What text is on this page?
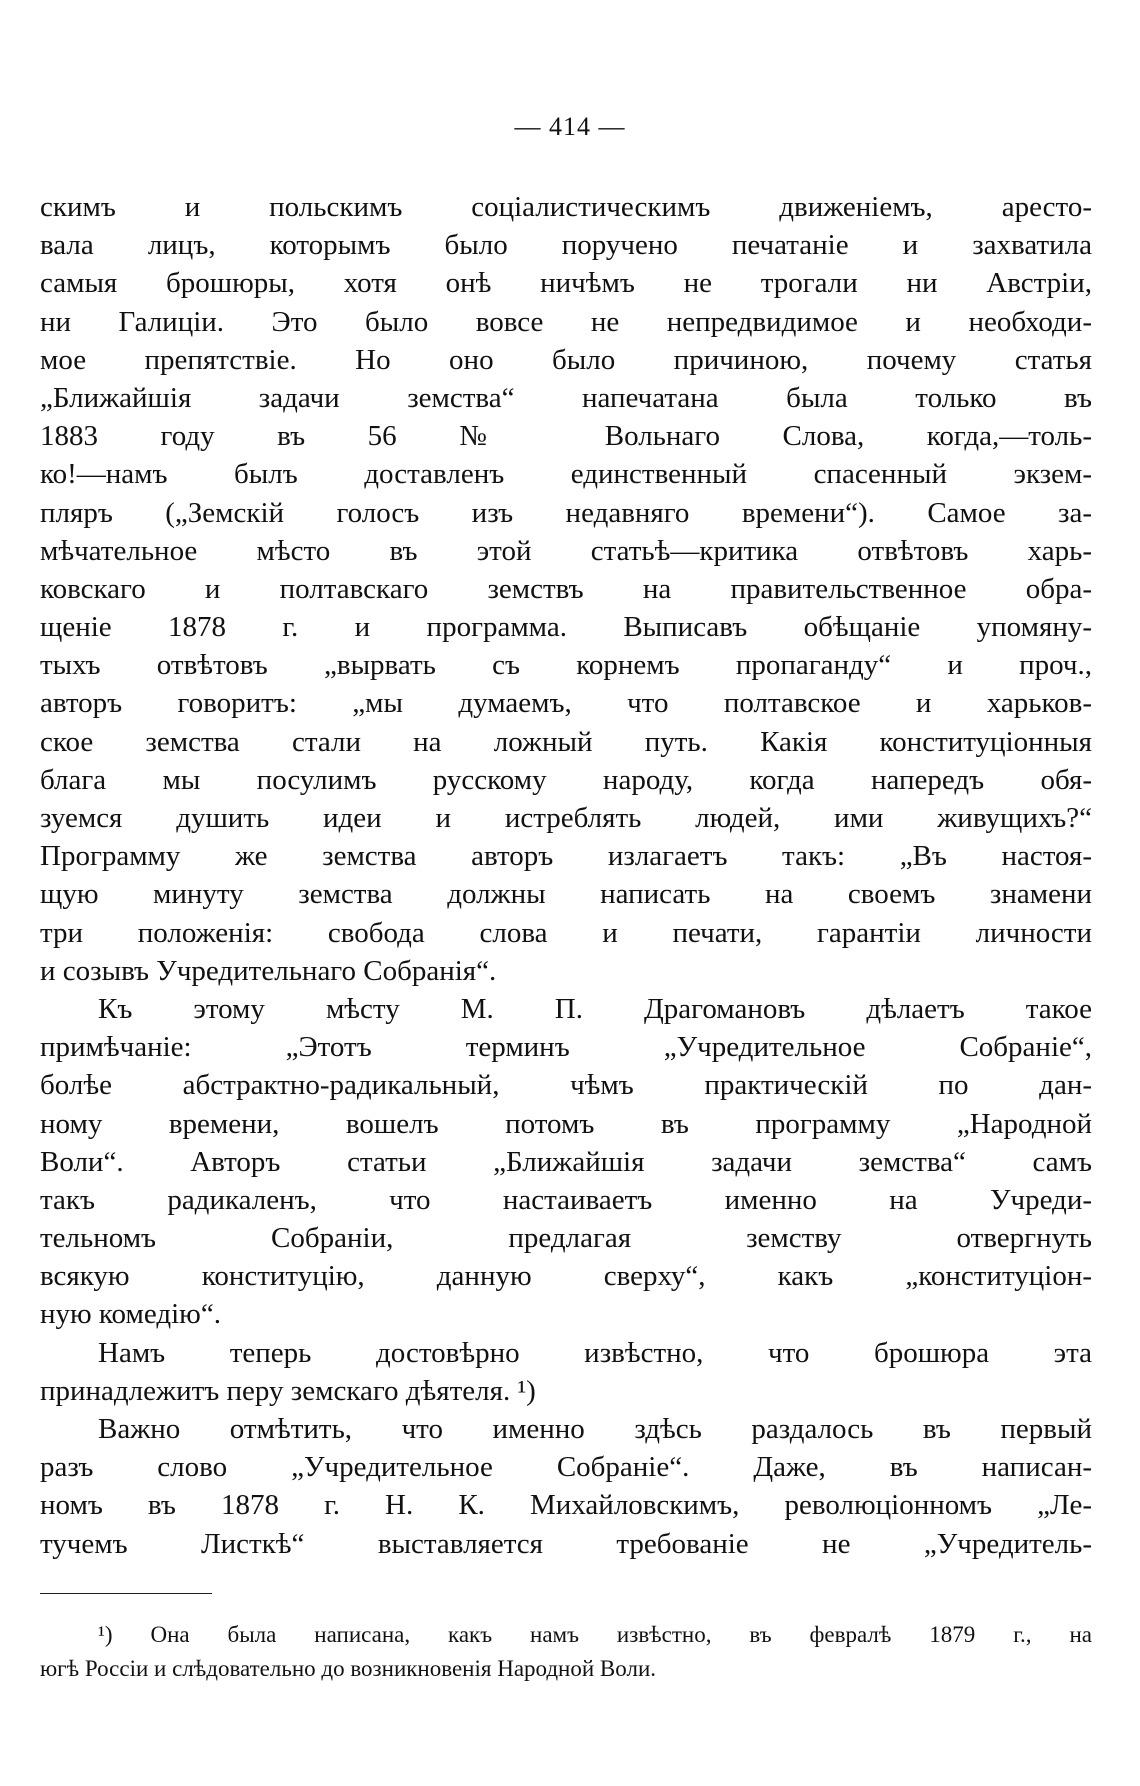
— 414 —
скимъ и польскимъ соціалистическимъ движеніемъ, аресто-
вала лицъ, которымъ было поручено печатаніе и захватила
самыя брошюры, хотя онѣ ничѣмъ не трогали ни Австріи,
ни Галиціи. Это было вовсе не непредвидимое и необходи-
мое препятствіе. Но оно было причиною, почему статья
„Ближайшія задачи земства“ напечатана была только въ
1883 году въ 56 № Вольнаго Слова, когда,—толь-
ко!—намъ былъ доставленъ единственный спасенный экзем-
пляръ („Земскій голосъ изъ недавняго времени“). Самое за-
мѣчательное мѣсто въ этой статьѣ—критика отвѣтовъ харь-
ковскаго и полтавскаго земствъ на правительственное обра-
щеніе 1878 г. и программа. Выписавъ обѣщаніе упомяну-
тыхъ отвѣтовъ „вырвать съ корнемъ пропаганду“ и проч.,
авторъ говоритъ: „мы думаемъ, что полтавское и харьков-
ское земства стали на ложный путь. Какія конституціонныя
блага мы посулимъ русскому народу, когда напередъ обя-
зуемся душить идеи и истреблять людей, ими живущихъ?“
Программу же земства авторъ излагаетъ такъ: „Въ настоя-
щую минуту земства должны написать на своемъ знамени
три положенія: свобода слова и печати, гарантіи личности
и созывъ Учредительнаго Собранія“.
Къ этому мѣсту М. П. Драгомановъ дѣлаетъ такое
примѣчаніе: „Этотъ терминъ „Учредительное Собраніе“,
болѣе абстрактно-радикальный, чѣмъ практическій по дан-
ному времени, вошелъ потомъ въ программу „Народной
Воли“. Авторъ статьи „Ближайшія задачи земства“ самъ
такъ радикаленъ, что настаиваетъ именно на Учреди-
тельномъ Собраніи, предлагая земству отвергнуть
всякую конституцію, данную сверху“, какъ „конституціон-
ную комедію“.
Намъ теперь достовѣрно извѣстно, что брошюра эта
принадлежитъ перу земскаго дѣятеля. ¹)
Важно отмѣтить, что именно здѣсь раздалось въ первый
разъ слово „Учредительное Собраніе“. Даже, въ написан-
номъ въ 1878 г. Н. К. Михайловскимъ, революціонномъ „Ле-
тучемъ Листкѣ“ выставляется требованіе не „Учредитель-
¹) Она была написана, какъ намъ извѣстно, въ февралѣ 1879 г., на
югѣ Россіи и слѣдовательно до возникновенія Народной Воли.
